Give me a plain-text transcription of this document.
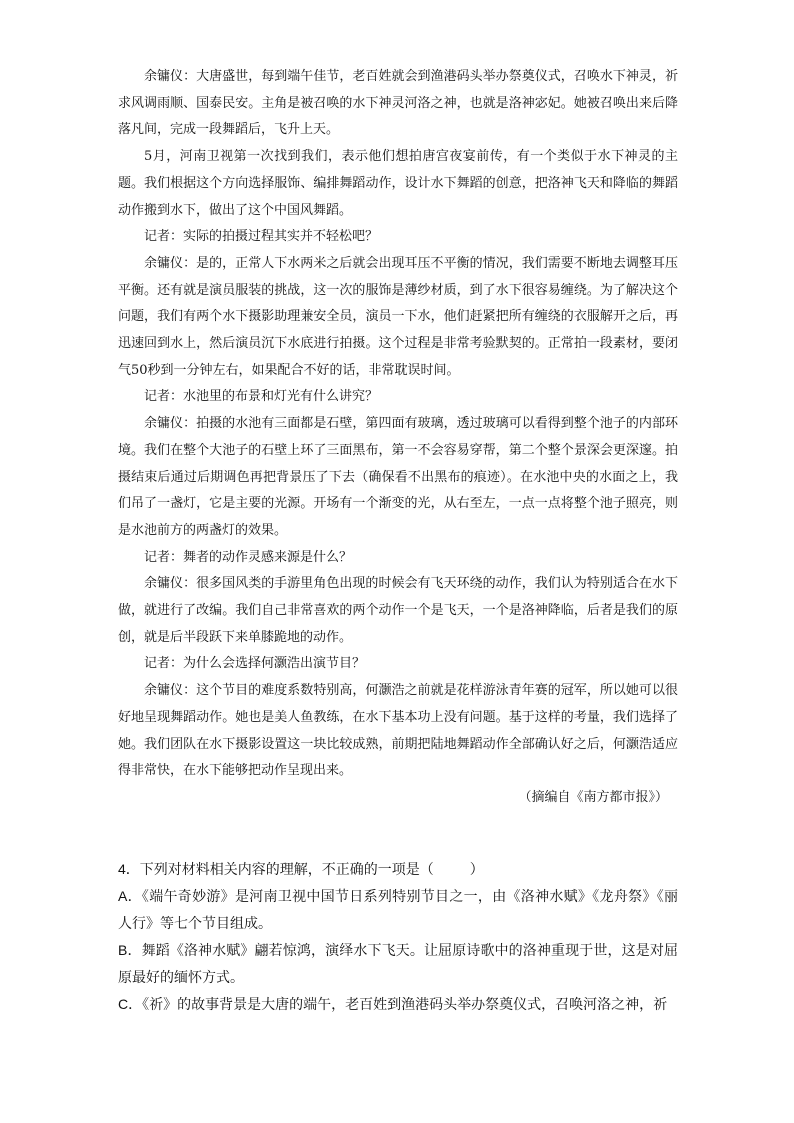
余镛仪：大唐盛世，每到端午佳节，老百姓就会到渔港码头举办祭奠仪式，召唤水下神灵，祈求风调雨顺、国泰民安。主角是被召唤的水下神灵河洛之神，也就是洛神宓妃。她被召唤出来后降落凡间，完成一段舞蹈后，飞升上天。

5月，河南卫视第一次找到我们，表示他们想拍唐宫夜宴前传，有一个类似于水下神灵的主题。我们根据这个方向选择服饰、编排舞蹈动作，设计水下舞蹈的创意，把洛神飞天和降临的舞蹈动作搬到水下，做出了这个中国风舞蹈。

记者：实际的拍摄过程其实并不轻松吧？

余镛仪：是的，正常人下水两米之后就会出现耳压不平衡的情况，我们需要不断地去调整耳压平衡。还有就是演员服装的挑战，这一次的服饰是薄纱材质，到了水下很容易缠绕。为了解决这个问题，我们有两个水下摄影助理兼安全员，演员一下水，他们赶紧把所有缠绕的衣服解开之后，再迅速回到水上，然后演员沉下水底进行拍摄。这个过程是非常考验默契的。正常拍一段素材，要闭气50秒到一分钟左右，如果配合不好的话，非常耽误时间。

记者：水池里的布景和灯光有什么讲究？

余镛仪：拍摄的水池有三面都是石壁，第四面有玻璃，透过玻璃可以看得到整个池子的内部环境。我们在整个大池子的石壁上环了三面黑布，第一不会容易穿帮，第二个整个景深会更深邃。拍摄结束后通过后期调色再把背景压了下去（确保看不出黑布的痕迹）。在水池中央的水面之上，我们吊了一盏灯，它是主要的光源。开场有一个渐变的光，从右至左，一点一点将整个池子照亮，则是水池前方的两盏灯的效果。

记者：舞者的动作灵感来源是什么？

余镛仪：很多国风类的手游里角色出现的时候会有飞天环绕的动作，我们认为特别适合在水下做，就进行了改编。我们自己非常喜欢的两个动作一个是飞天，一个是洛神降临，后者是我们的原创，就是后半段跃下来单膝跪地的动作。

记者：为什么会选择何灏浩出演节目？

余镛仪：这个节目的难度系数特别高，何灏浩之前就是花样游泳青年赛的冠军，所以她可以很好地呈现舞蹈动作。她也是美人鱼教练，在水下基本功上没有问题。基于这样的考量，我们选择了她。我们团队在水下摄影设置这一块比较成熟，前期把陆地舞蹈动作全部确认好之后，何灏浩适应得非常快，在水下能够把动作呈现出来。

（摘编自《南方都市报》）

4．下列对材料相关内容的理解，不正确的一项是（	）

A．《端午奇妙游》是河南卫视中国节日系列特别节目之一，由《洛神水赋》《龙舟祭》《丽人行》等七个节目组成。

B．舞蹈《洛神水赋》翩若惊鸿，演绎水下飞天。让屈原诗歌中的洛神重现于世，这是对屈原最好的缅怀方式。

C．《祈》的故事背景是大唐的端午，老百姓到渔港码头举办祭奠仪式，召唤河洛之神，祈
